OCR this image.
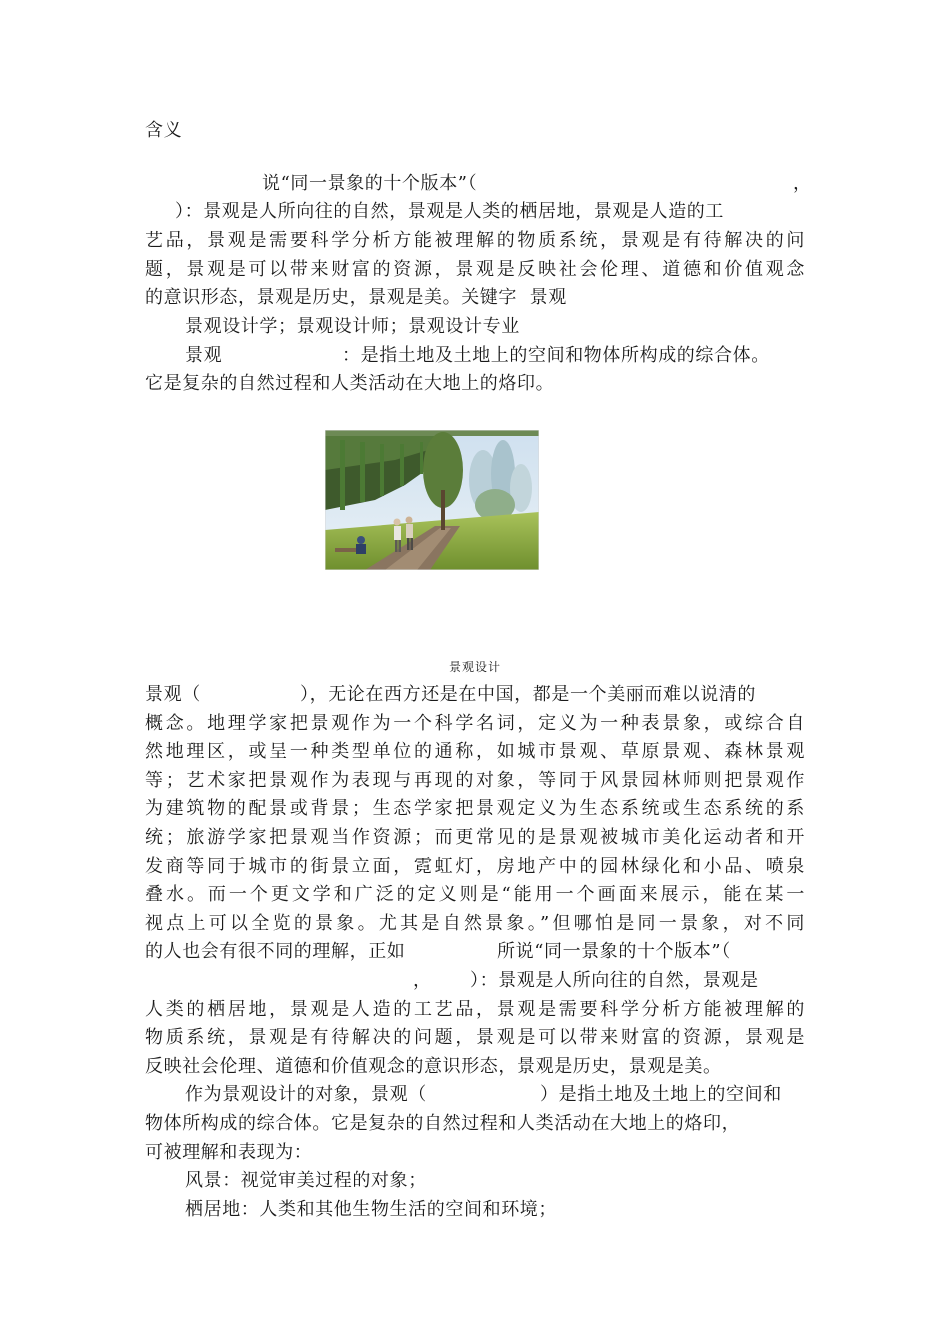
含义
说“同一景象的十个版本”（	，
）：景观是人所向往的自然，景观是人类的栖居地，景观是人造的工
艺品，景观是需要科学分析方能被理解的物质系统，景观是有待解决的问
题，景观是可以带来财富的资源，景观是反映社会伦理、道德和价值观念
的意识形态，景观是历史，景观是美。关键字  景观
景观设计学；景观设计师；景观设计专业
景观	：是指土地及土地上的空间和物体所构成的综合体。
它是复杂的自然过程和人类活动在大地上的烙印。
景观设计
景观（	），无论在西方还是在中国，都是一个美丽而难以说清的
概念。地理学家把景观作为一个科学名词，定义为一种表景象，或综合自
然地理区，或呈一种类型单位的通称，如城市景观、草原景观、森林景观
等；艺术家把景观作为表现与再现的对象，等同于风景园林师则把景观作
为建筑物的配景或背景；生态学家把景观定义为生态系统或生态系统的系
统；旅游学家把景观当作资源；而更常见的是景观被城市美化运动者和开
发商等同于城市的街景立面，霓虹灯，房地产中的园林绿化和小品、喷泉
叠水。而一个更文学和广泛的定义则是“能用一个画面来展示，能在某一
视点上可以全览的景象。尤其是自然景象。”但哪怕是同一景象，对不同
的人也会有很不同的理解，正如	所说“同一景象的十个版本”（
， ）：景观是人所向往的自然，景观是
人类的栖居地，景观是人造的工艺品，景观是需要科学分析方能被理解的
物质系统，景观是有待解决的问题，景观是可以带来财富的资源，景观是
反映社会伦理、道德和价值观念的意识形态，景观是历史，景观是美。
作为景观设计的对象，景观（	）是指土地及土地上的空间和
物体所构成的综合体。它是复杂的自然过程和人类活动在大地上的烙印，
可被理解和表现为：
风景：视觉审美过程的对象；
栖居地：人类和其他生物生活的空间和环境；
